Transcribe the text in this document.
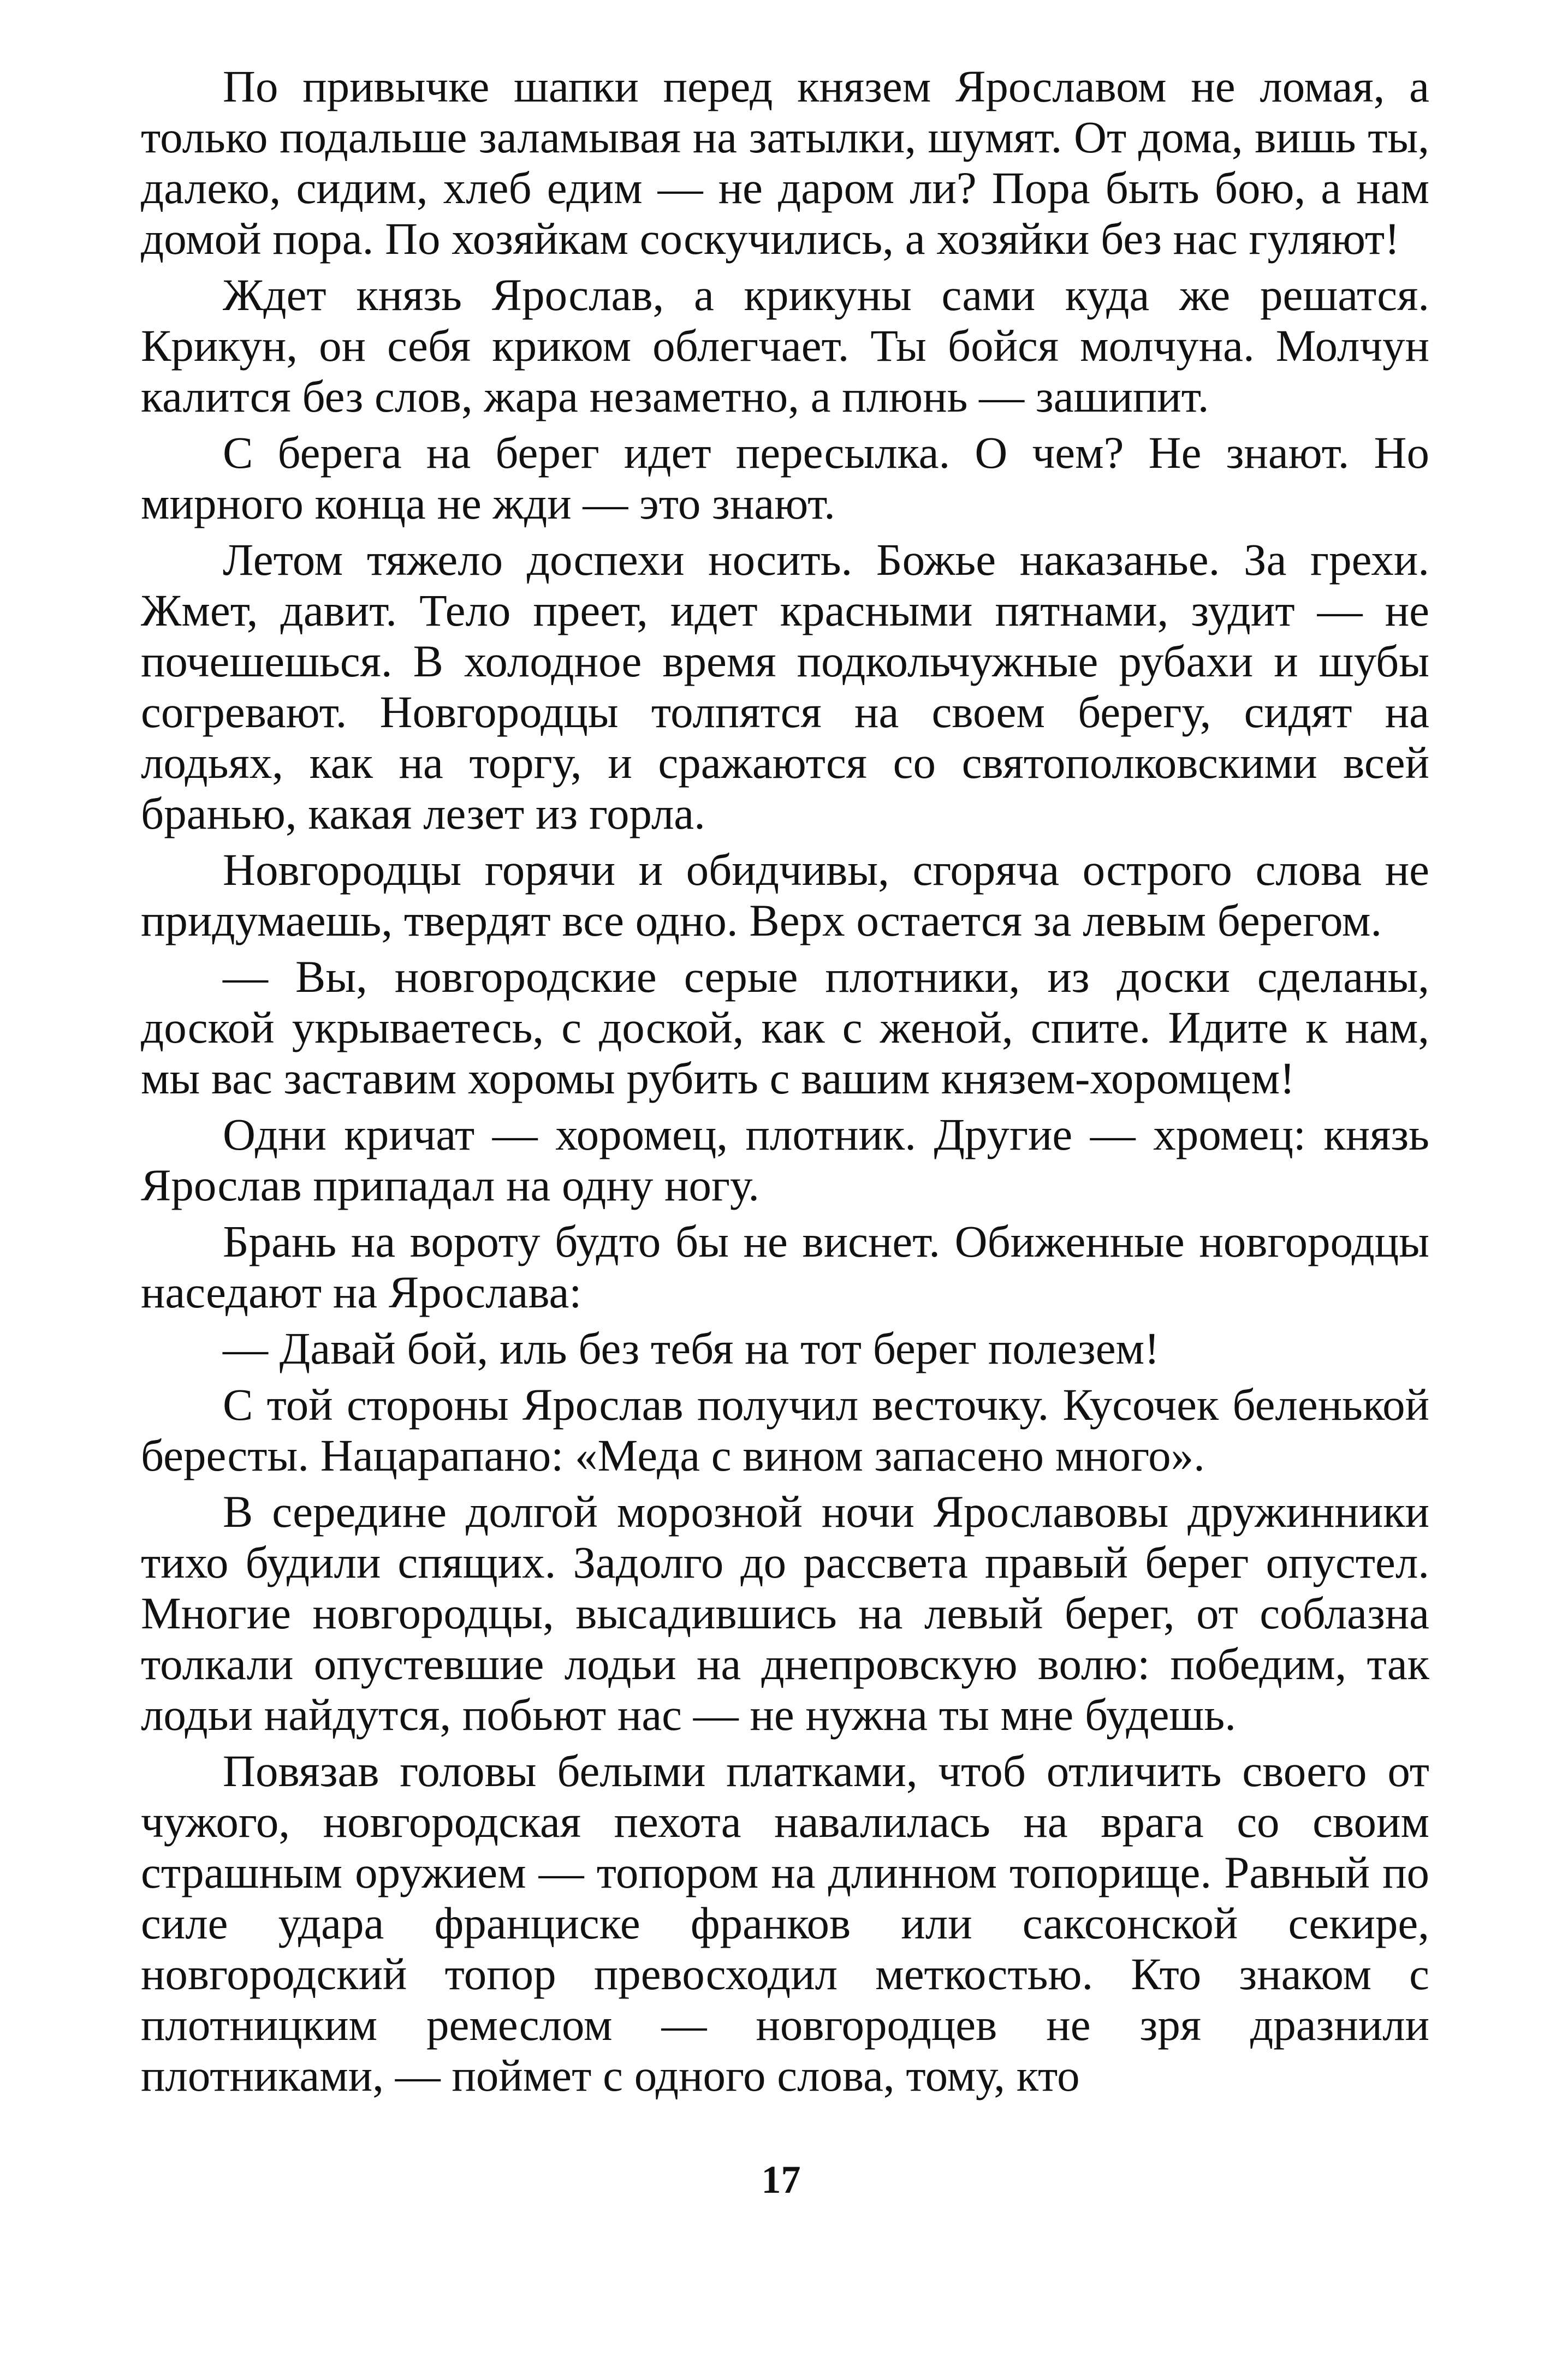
По привычке шапки перед князем Ярославом не ломая, а только подальше заламывая на затылки, шумят. От дома, вишь ты, далеко, сидим, хлеб едим — не даром ли? Пора быть бою, а нам домой пора. По хозяйкам соскучились, а хозяйки без нас гуляют!

Ждет князь Ярослав, а крикуны сами куда же решатся. Крикун, он себя криком облегчает. Ты бойся молчуна. Молчун калится без слов, жара незаметно, а плюнь — зашипит.

С берега на берег идет пересылка. О чем? Не знают. Но мирного конца не жди — это знают.

Летом тяжело доспехи носить. Божье наказанье. За грехи. Жмет, давит. Тело преет, идет красными пятнами, зудит — не почешешься. В холодное время подкольчужные рубахи и шубы согревают. Новгородцы толпятся на своем берегу, сидят на лодьях, как на торгу, и сражаются со святополковскими всей бранью, какая лезет из горла.

Новгородцы горячи и обидчивы, сгоряча острого слова не придумаешь, твердят все одно. Верх остается за левым берегом.

— Вы, новгородские серые плотники, из доски сделаны, доской укрываетесь, с доской, как с женой, спите. Идите к нам, мы вас заставим хоромы рубить с вашим князем-хоромцем!

Одни кричат — хоромец, плотник. Другие — хромец: князь Ярослав припадал на одну ногу.

Брань на вороту будто бы не виснет. Обиженные новгородцы наседают на Ярослава:

— Давай бой, иль без тебя на тот берег полезем!

С той стороны Ярослав получил весточку. Кусочек беленькой бересты. Нацарапано: «Меда с вином запасено много».

В середине долгой морозной ночи Ярославовы дружинники тихо будили спящих. Задолго до рассвета правый берег опустел. Многие новгородцы, высадившись на левый берег, от соблазна толкали опустевшие лодьи на днепровскую волю: победим, так лодьи найдутся, побьют нас — не нужна ты мне будешь.

Повязав головы белыми платками, чтоб отличить своего от чужого, новгородская пехота навалилась на врага со своим страшным оружием — топором на длинном топорище. Равный по силе удара франциске франков или саксонской секире, новгородский топор превосходил меткостью. Кто знаком с плотницким ремеслом — новгородцев не зря дразнили плотниками, — поймет с одного слова, тому, кто

17
